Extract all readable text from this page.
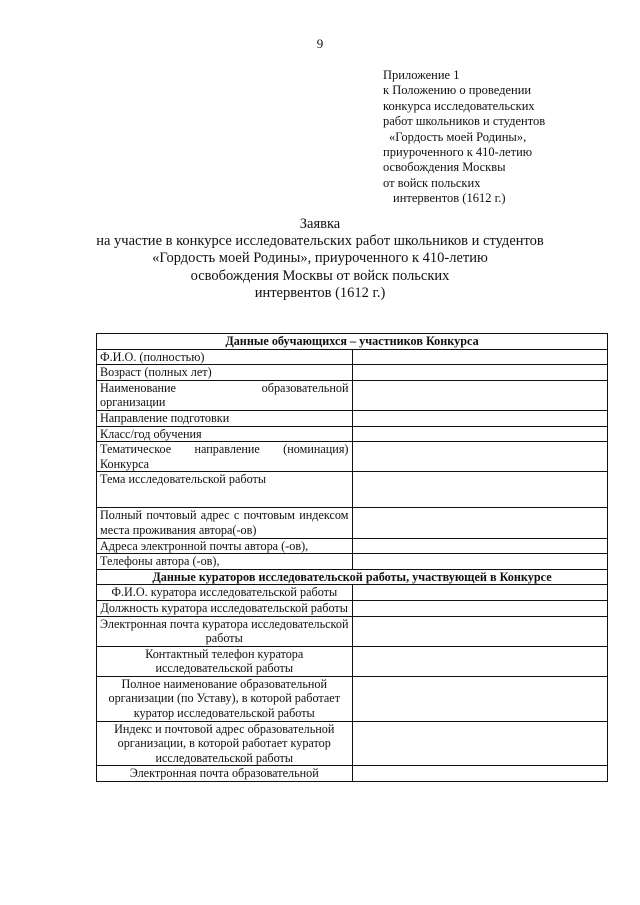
9
Приложение 1
к Положению о проведении
конкурса исследовательских
работ школьников и студентов
«Гордость моей Родины»,
приуроченного к 410-летию
освобождения Москвы
от войск польских
интервентов (1612 г.)
Заявка
на участие в конкурсе исследовательских работ школьников и студентов
«Гордость моей Родины», приуроченного к 410-летию
освобождения Москвы от войск польских
интервентов (1612 г.)
Данные обучающихся – участников Конкурса	
Ф.И.О. (полностью)	
Возраст (полных лет)	

Наименование образовательной
организации	

Направление подготовки	
Класс/год обучения	
Тематическое направление (номинация) Конкурса	
Тема исследовательской работы	
Полный почтовый адрес с почтовым индексом места проживания автора(-ов)	
Адреса электронной почты автора (-ов),	
Телефоны автора (-ов),	
Данные кураторов исследовательской работы, участвующей в Конкурсе	
Ф.И.О. куратора исследовательской работы	
Должность куратора исследовательской работы	
Электронная почта куратора исследовательской работы	
Контактный телефон куратора исследовательской работы	
Полное наименование образовательной организации (по Уставу), в которой работает куратор исследовательской работы	
Индекс и почтовой адрес образовательной организации, в которой работает куратор исследовательской работы	
Электронная почта образовательной	
